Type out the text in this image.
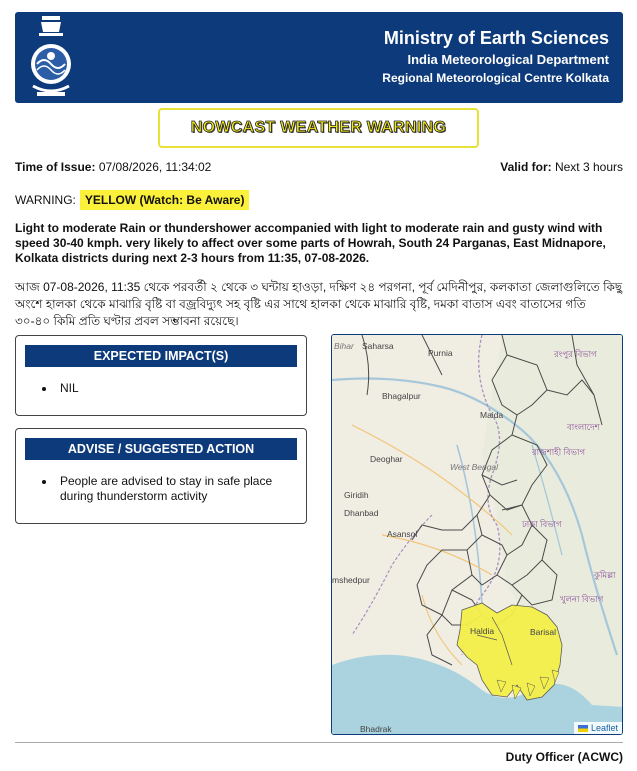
Ministry of Earth Sciences
India Meteorological Department
Regional Meteorological Centre Kolkata
NOWCAST WEATHER WARNING
Time of Issue: 07/08/2026, 11:34:02	Valid for: Next 3 hours
WARNING: YELLOW (Watch: Be Aware)
Light to moderate Rain or thundershower accompanied with light to moderate rain and gusty wind with speed 30-40 kmph. very likely to affect over some parts of Howrah, South 24 Parganas, East Midnapore, Kolkata districts during next 2-3 hours from 11:35, 07-08-2026.
আজ 07-08-2026, 11:35 থেকে পরবর্তী ২ থেকে ৩ ঘন্টায় হাওড়া, দক্ষিণ ২৪ পরগনা, পূর্ব মেদিনীপুর, কলকাতা জেলাগুলিতে কিছু অংশে হালকা থেকে মাঝারি বৃষ্টি বা বজ্রবিদ্যুৎ সহ বৃষ্টি এর সাথে হালকা থেকে মাঝারি বৃষ্টি, দমকা বাতাস এবং বাতাসের গতি ৩০-৪০ কিমি প্রতি ঘণ্টার প্রবল সম্ভাবনা রয়েছে।
EXPECTED IMPACT(S)
• NIL
ADVISE / SUGGESTED ACTION
• People are advised to stay in safe place during thunderstorm activity
Bihar Saharsa
Purnia	রংপুর বিভাগ
Bhagalpur
Maida
বাংলাদেশ
রাজশাহী বিভাগ
Deoghar
West Bengal
Giridih
ঢাকা বিভাগ
Dhanbad
Asansol
কুমিল্লা
mshedpur
খুলনা বিভাগ
Haldia	Barisal
Bhadrak	Leaflet
Duty Officer (ACWC)
